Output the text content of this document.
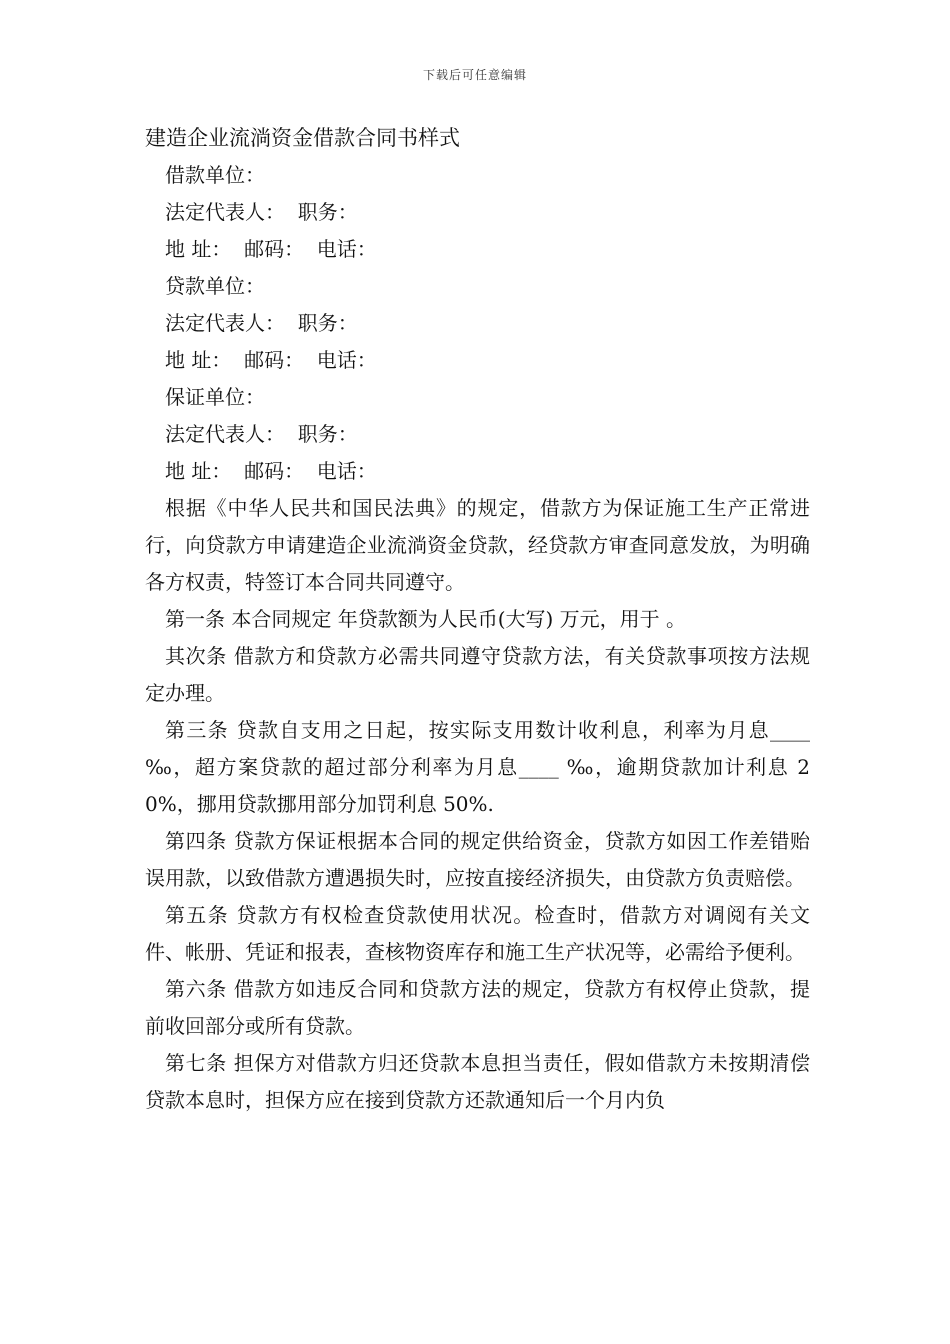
下载后可任意编辑
建造企业流淌资金借款合同书样式

借款单位：

法定代表人：  职务：

地 址：  邮码：  电话：

贷款单位：

法定代表人：  职务：

地 址：  邮码：  电话：

保证单位：

法定代表人：  职务：

地 址：  邮码：  电话：

根据《中华人民共和国民法典》的规定，借款方为保证施工生产正常进行，向贷款方申请建造企业流淌资金贷款，经贷款方审查同意发放，为明确各方权责，特签订本合同共同遵守。

第一条 本合同规定 年贷款额为人民币(大写) 万元，用于 。

其次条 借款方和贷款方必需共同遵守贷款方法，有关贷款事项按方法规定办理。

第三条 贷款自支用之日起，按实际支用数计收利息，利率为月息____ ‰，超方案贷款的超过部分利率为月息____ ‰，逾期贷款加计利息 20%，挪用贷款挪用部分加罚利息 50%.

第四条 贷款方保证根据本合同的规定供给资金，贷款方如因工作差错贻误用款，以致借款方遭遇损失时，应按直接经济损失，由贷款方负责赔偿。

第五条 贷款方有权检查贷款使用状况。检查时，借款方对调阅有关文件、帐册、凭证和报表，查核物资库存和施工生产状况等，必需给予便利。

第六条 借款方如违反合同和贷款方法的规定，贷款方有权停止贷款，提前收回部分或所有贷款。

第七条 担保方对借款方归还贷款本息担当责任，假如借款方未按期清偿贷款本息时，担保方应在接到贷款方还款通知后一个月内负
